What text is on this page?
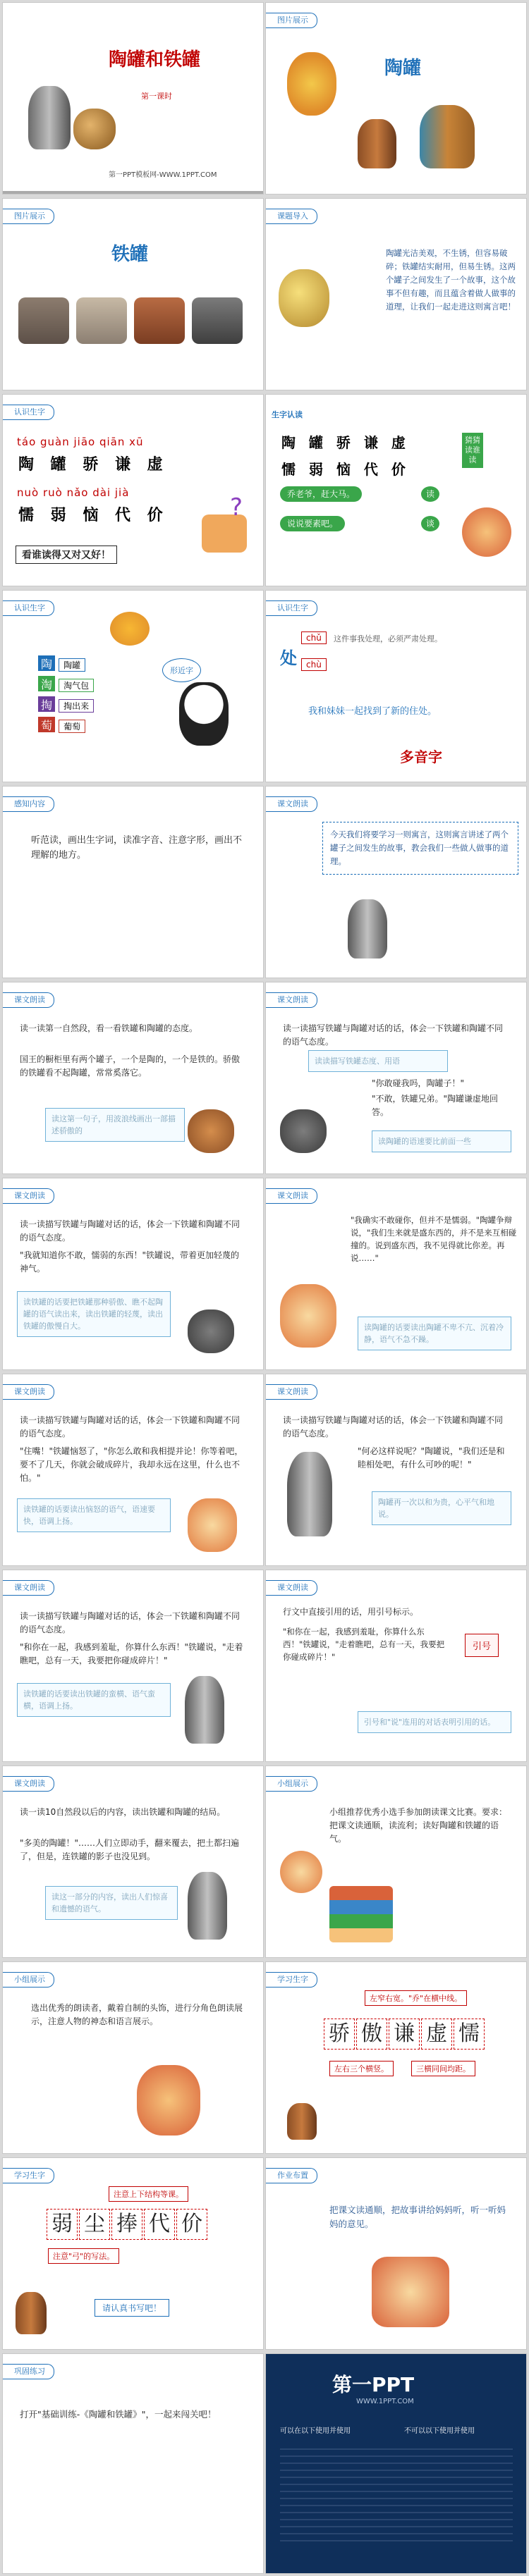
陶罐和铁罐
第一课时
第一PPT模板网-WWW.1PPT.COM
图片展示
陶罐
图片展示
铁罐
课题导入
陶罐光洁美观，不生锈，但容易破碎；铁罐结实耐用，但易生锈。这两个罐子之间发生了一个故事，这个故事不但有趣，而且蕴含着做人做事的道理，让我们一起走进这则寓言吧！
认识生字
táo guàn jiāo qiān xū
陶 罐 骄 谦 虚
nuò ruò nǎo dài jià
懦 弱 恼 代 价
看谁读得又对又好！
?
生字认读
陶 罐 骄 谦 虚
懦 弱 恼 代 价
乔老爷，赶大马。
说说要素吧。
读
谈
猜猜读谁读
认识生字
陶 陶罐
淘 淘气包
掏 掏出来
萄 葡萄
形近字
认识生字
chǔ
处	chù
这件事我处理，必须严肃处理。
我和妹妹一起找到了新的住处。
多音字
感知内容
听范读，画出生字词，读准字音、注意字形，画出不理解的地方。
课文朗读
今天我们将要学习一则寓言，这则寓言讲述了两个罐子之间发生的故事，教会我们一些做人做事的道理。
课文朗读
读一读第一自然段，看一看铁罐和陶罐的态度。
国王的橱柜里有两个罐子，一个是陶的，一个是铁的。骄傲的铁罐看不起陶罐，常常奚落它。
读这第一句子，用波浪线画出一部描述骄傲的
课文朗读
读一读描写铁罐与陶罐对话的话，体会一下铁罐和陶罐不同的语气态度。
读读描写铁罐态度、用语
"你敢碰我吗，陶罐子！"
"不敢，铁罐兄弟。"陶罐谦虚地回答。
读陶罐的语速要比前面一些
课文朗读
读一读描写铁罐与陶罐对话的话，体会一下铁罐和陶罐不同的语气态度。
"我就知道你不敢，懦弱的东西！"铁罐说，带着更加轻蔑的神气。
读铁罐的话要把铁罐那种骄傲、瞧不起陶罐的语气读出来，读出铁罐的轻蔑，读出铁罐的傲慢自大。
课文朗读
"我确实不敢碰你，但并不是懦弱。"陶罐争辩说，"我们生来就是盛东西的，并不是来互相碰撞的。说到盛东西，我不见得就比你差。再说……"
读陶罐的话要读出陶罐不卑不亢、沉着冷静，语气不急不躁。
课文朗读
读一读描写铁罐与陶罐对话的话，体会一下铁罐和陶罐不同的语气态度。
"住嘴！"铁罐恼怒了，"你怎么敢和我相提并论！你等着吧，要不了几天，你就会破成碎片，我却永远在这里，什么也不怕。"
读铁罐的话要读出恼怒的语气，语速要快，语调上扬。
课文朗读
读一读描写铁罐与陶罐对话的话，体会一下铁罐和陶罐不同的语气态度。
"何必这样说呢？"陶罐说，"我们还是和睦相处吧，有什么可吵的呢！"
陶罐再一次以和为贵，心平气和地说。
课文朗读
读一读描写铁罐与陶罐对话的话，体会一下铁罐和陶罐不同的语气态度。
"和你在一起，我感到羞耻，你算什么东西！"铁罐说，"走着瞧吧，总有一天，我要把你碰成碎片！"
读铁罐的话要读出铁罐的蛮横、语气蛮横，语调上扬。
课文朗读
行文中直接引用的话，用引号标示。
"和你在一起，我感到羞耻，你算什么东西！"铁罐说，"走着瞧吧，总有一天，我要把你碰成碎片！"
引号
引号和"说"连用的对话表明引用的话。
课文朗读
读一读10自然段以后的内容，读出铁罐和陶罐的结局。
"多美的陶罐！"……人们立即动手，翻来覆去，把土都扫遍了，但是，连铁罐的影子也没见到。
读这一部分的内容，读出人们惊喜和遗憾的语气。
小组展示
小组推荐优秀小选手参加朗读课文比赛。要求：把课文读通顺，读流利；读好陶罐和铁罐的语气。
小组展示
选出优秀的朗读者，戴着自制的头饰，进行分角色朗读展示，注意人物的神态和语言展示。
学习生字
左窄右宽。"乔"在横中线。
骄 傲 谦 虚 懦
左右三个横竖。	三横同间均距。
学习生字
注意上下结构等课。
弱 尘 捧 代 价
注意"弓"的写法。
请认真书写吧！
作业布置
把课文读通顺，把故事讲给妈妈听，听一听妈妈的意见。
巩固练习
打开"基础训练-《陶罐和铁罐》"，一起来闯关吧！
第一PPT
WWW.1PPT.COM
可以在以下使用并使用	不可以以下使用并使用
